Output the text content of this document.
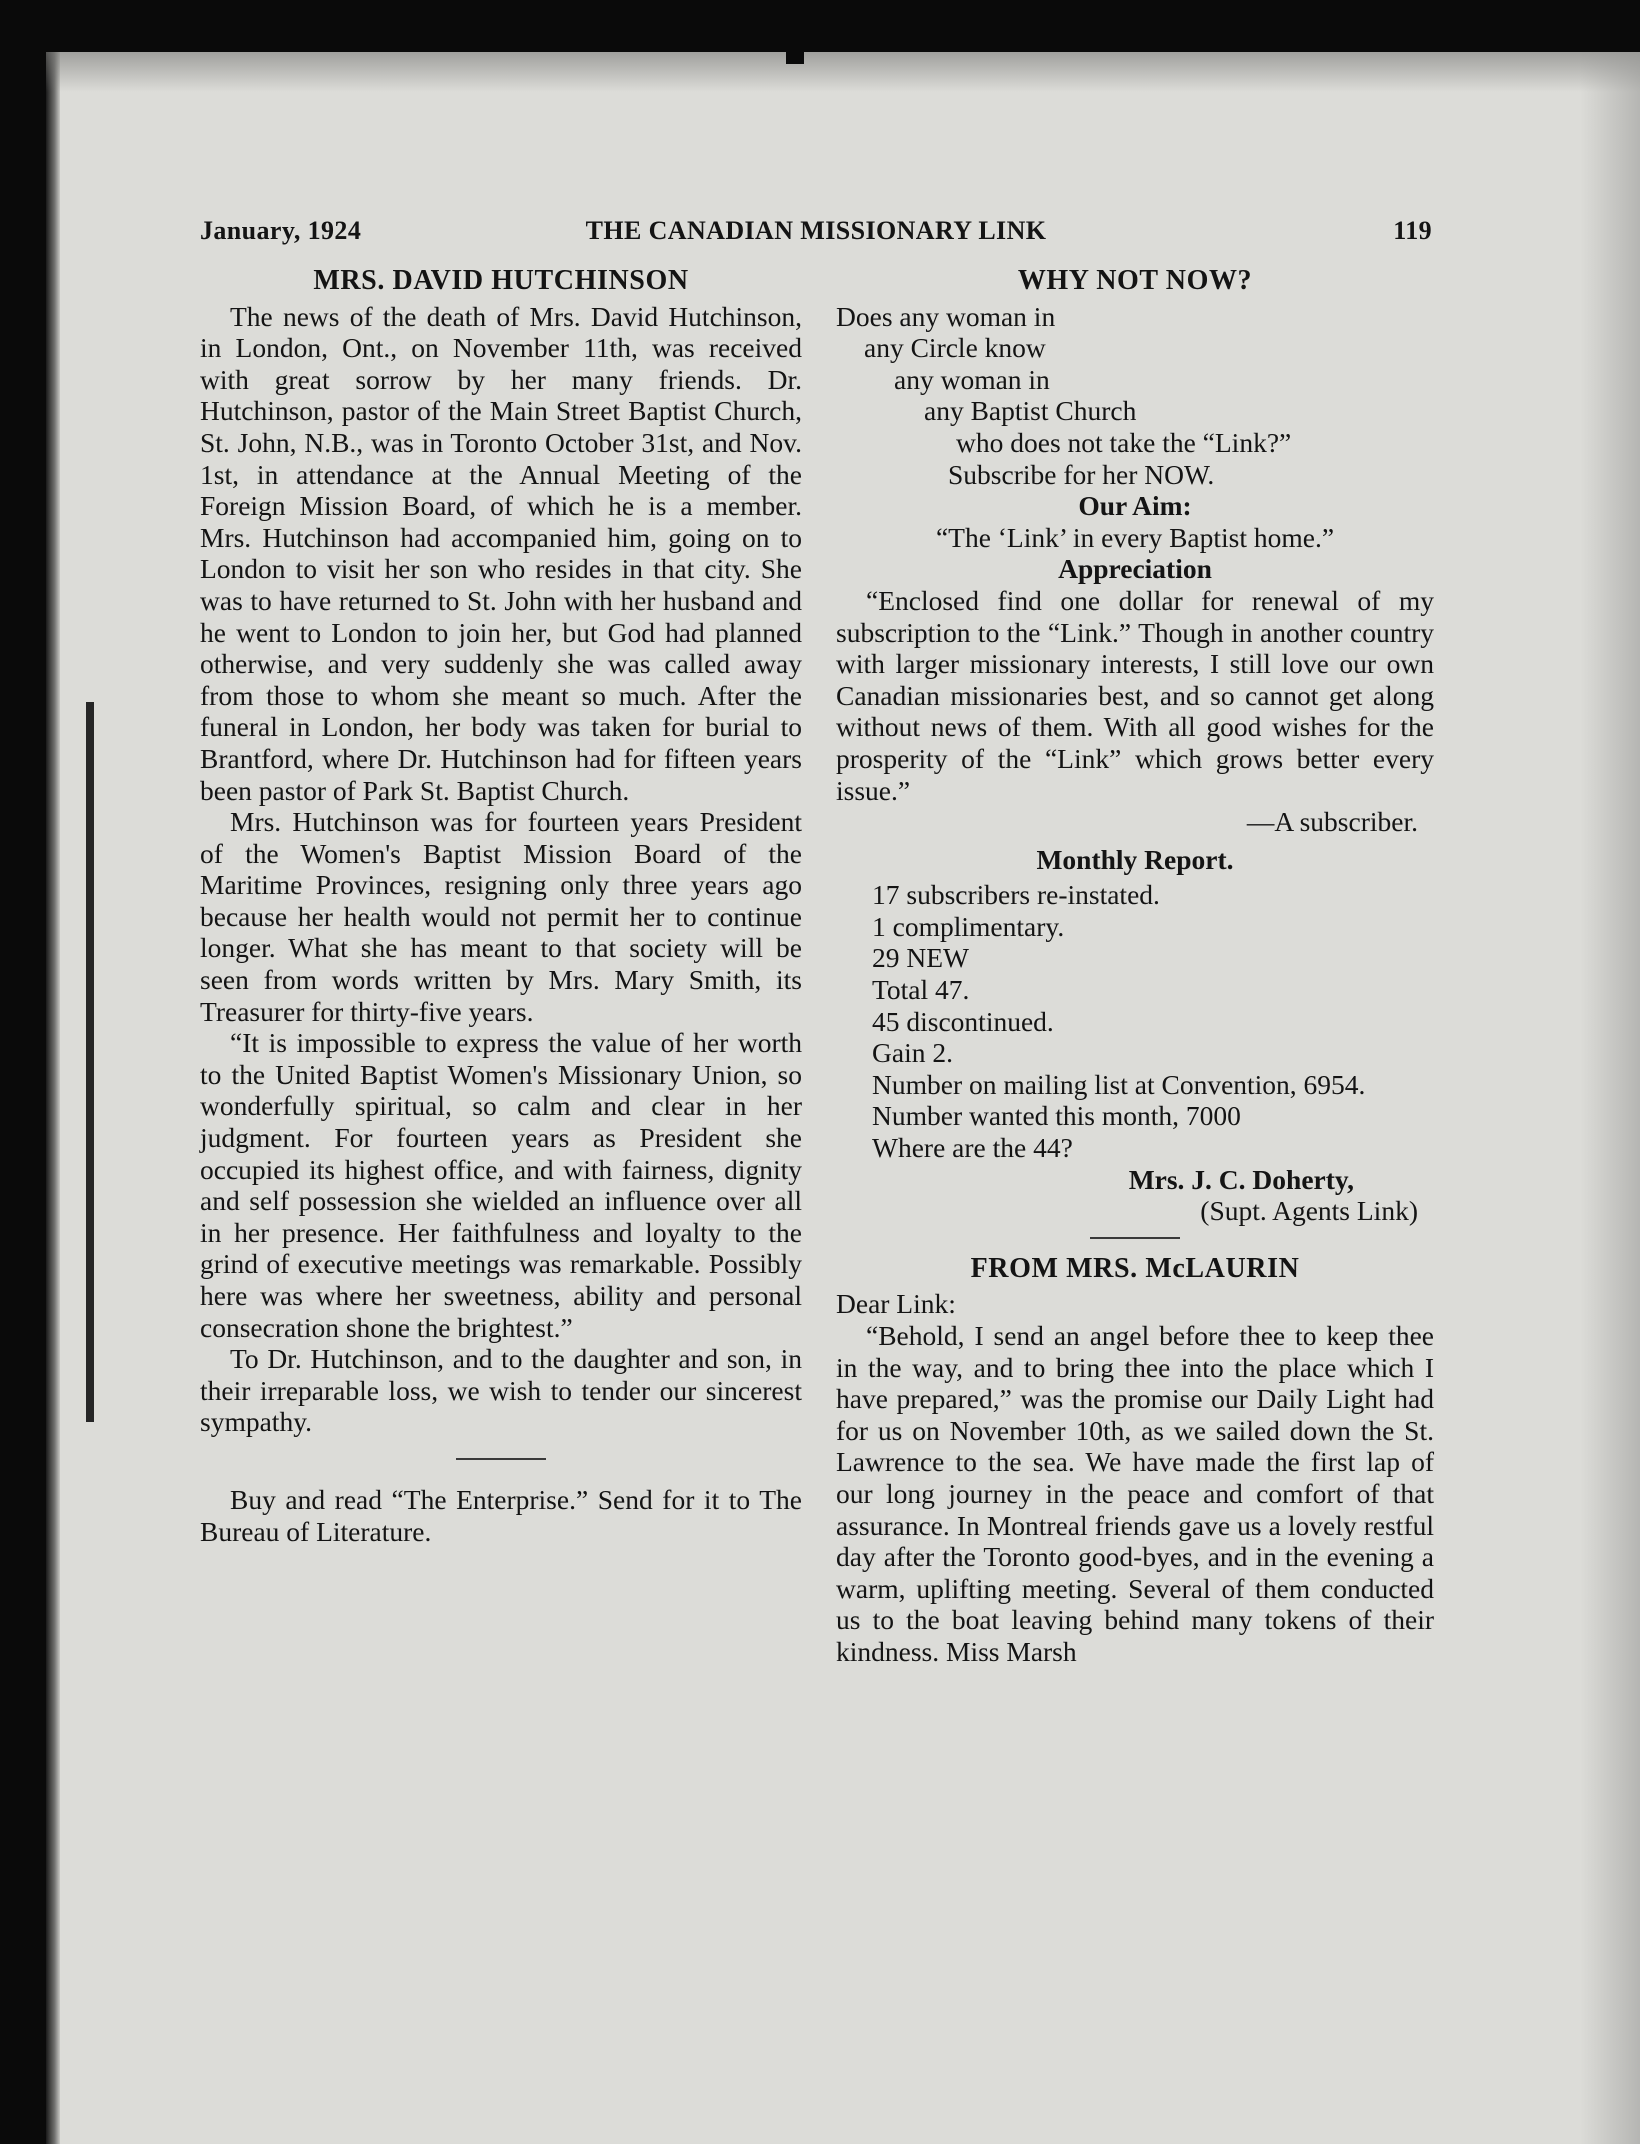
January, 1924	THE CANADIAN MISSIONARY LINK	119
MRS. DAVID HUTCHINSON

The news of the death of Mrs. David Hutchinson, in London, Ont., on November 11th, was received with great sorrow by her many friends. Dr. Hutchinson, pastor of the Main Street Baptist Church, St. John, N.B., was in Toronto October 31st, and Nov. 1st, in attendance at the Annual Meeting of the Foreign Mission Board, of which he is a member. Mrs. Hutchinson had accompanied him, going on to London to visit her son who resides in that city. She was to have returned to St. John with her husband and he went to London to join her, but God had planned otherwise, and very suddenly she was called away from those to whom she meant so much. After the funeral in London, her body was taken for burial to Brantford, where Dr. Hutchinson had for fifteen years been pastor of Park St. Baptist Church.

Mrs. Hutchinson was for fourteen years President of the Women's Baptist Mission Board of the Maritime Provinces, resigning only three years ago because her health would not permit her to continue longer. What she has meant to that society will be seen from words written by Mrs. Mary Smith, its Treasurer for thirty-five years.

“It is impossible to express the value of her worth to the United Baptist Women's Missionary Union, so wonderfully spiritual, so calm and clear in her judgment. For fourteen years as President she occupied its highest office, and with fairness, dignity and self possession she wielded an influence over all in her presence. Her faithfulness and loyalty to the grind of executive meetings was remarkable. Possibly here was where her sweetness, ability and personal consecration shone the brightest.”

To Dr. Hutchinson, and to the daughter and son, in their irreparable loss, we wish to tender our sincerest sympathy.

Buy and read “The Enterprise.” Send for it to The Bureau of Literature.

WHY NOT NOW?
Does any woman in
any Circle know
any woman in
any Baptist Church
who does not take the “Link?”
Subscribe for her NOW.

Our Aim:

“The ‘Link’ in every Baptist home.”

Appreciation

“Enclosed find one dollar for renewal of my subscription to the “Link.” Though in another country with larger missionary interests, I still love our own Canadian missionaries best, and so cannot get along without news of them. With all good wishes for the prosperity of the “Link” which grows better every issue.”

—A subscriber.

Monthly Report.

17 subscribers re-instated.
1 complimentary.
29 NEW
Total 47.
45 discontinued.
Gain 2.

Number on mailing list at Convention, 6954.

Number wanted this month, 7000
Where are the 44?
Mrs. J. C. Doherty,
(Supt. Agents Link)
FROM MRS. McLAURIN

Dear Link:

“Behold, I send an angel before thee to keep thee in the way, and to bring thee into the place which I have prepared,” was the promise our Daily Light had for us on November 10th, as we sailed down the St. Lawrence to the sea. We have made the first lap of our long journey in the peace and comfort of that assurance. In Montreal friends gave us a lovely restful day after the Toronto good-byes, and in the evening a warm, uplifting meeting. Several of them conducted us to the boat leaving behind many tokens of their kindness. Miss Marsh
